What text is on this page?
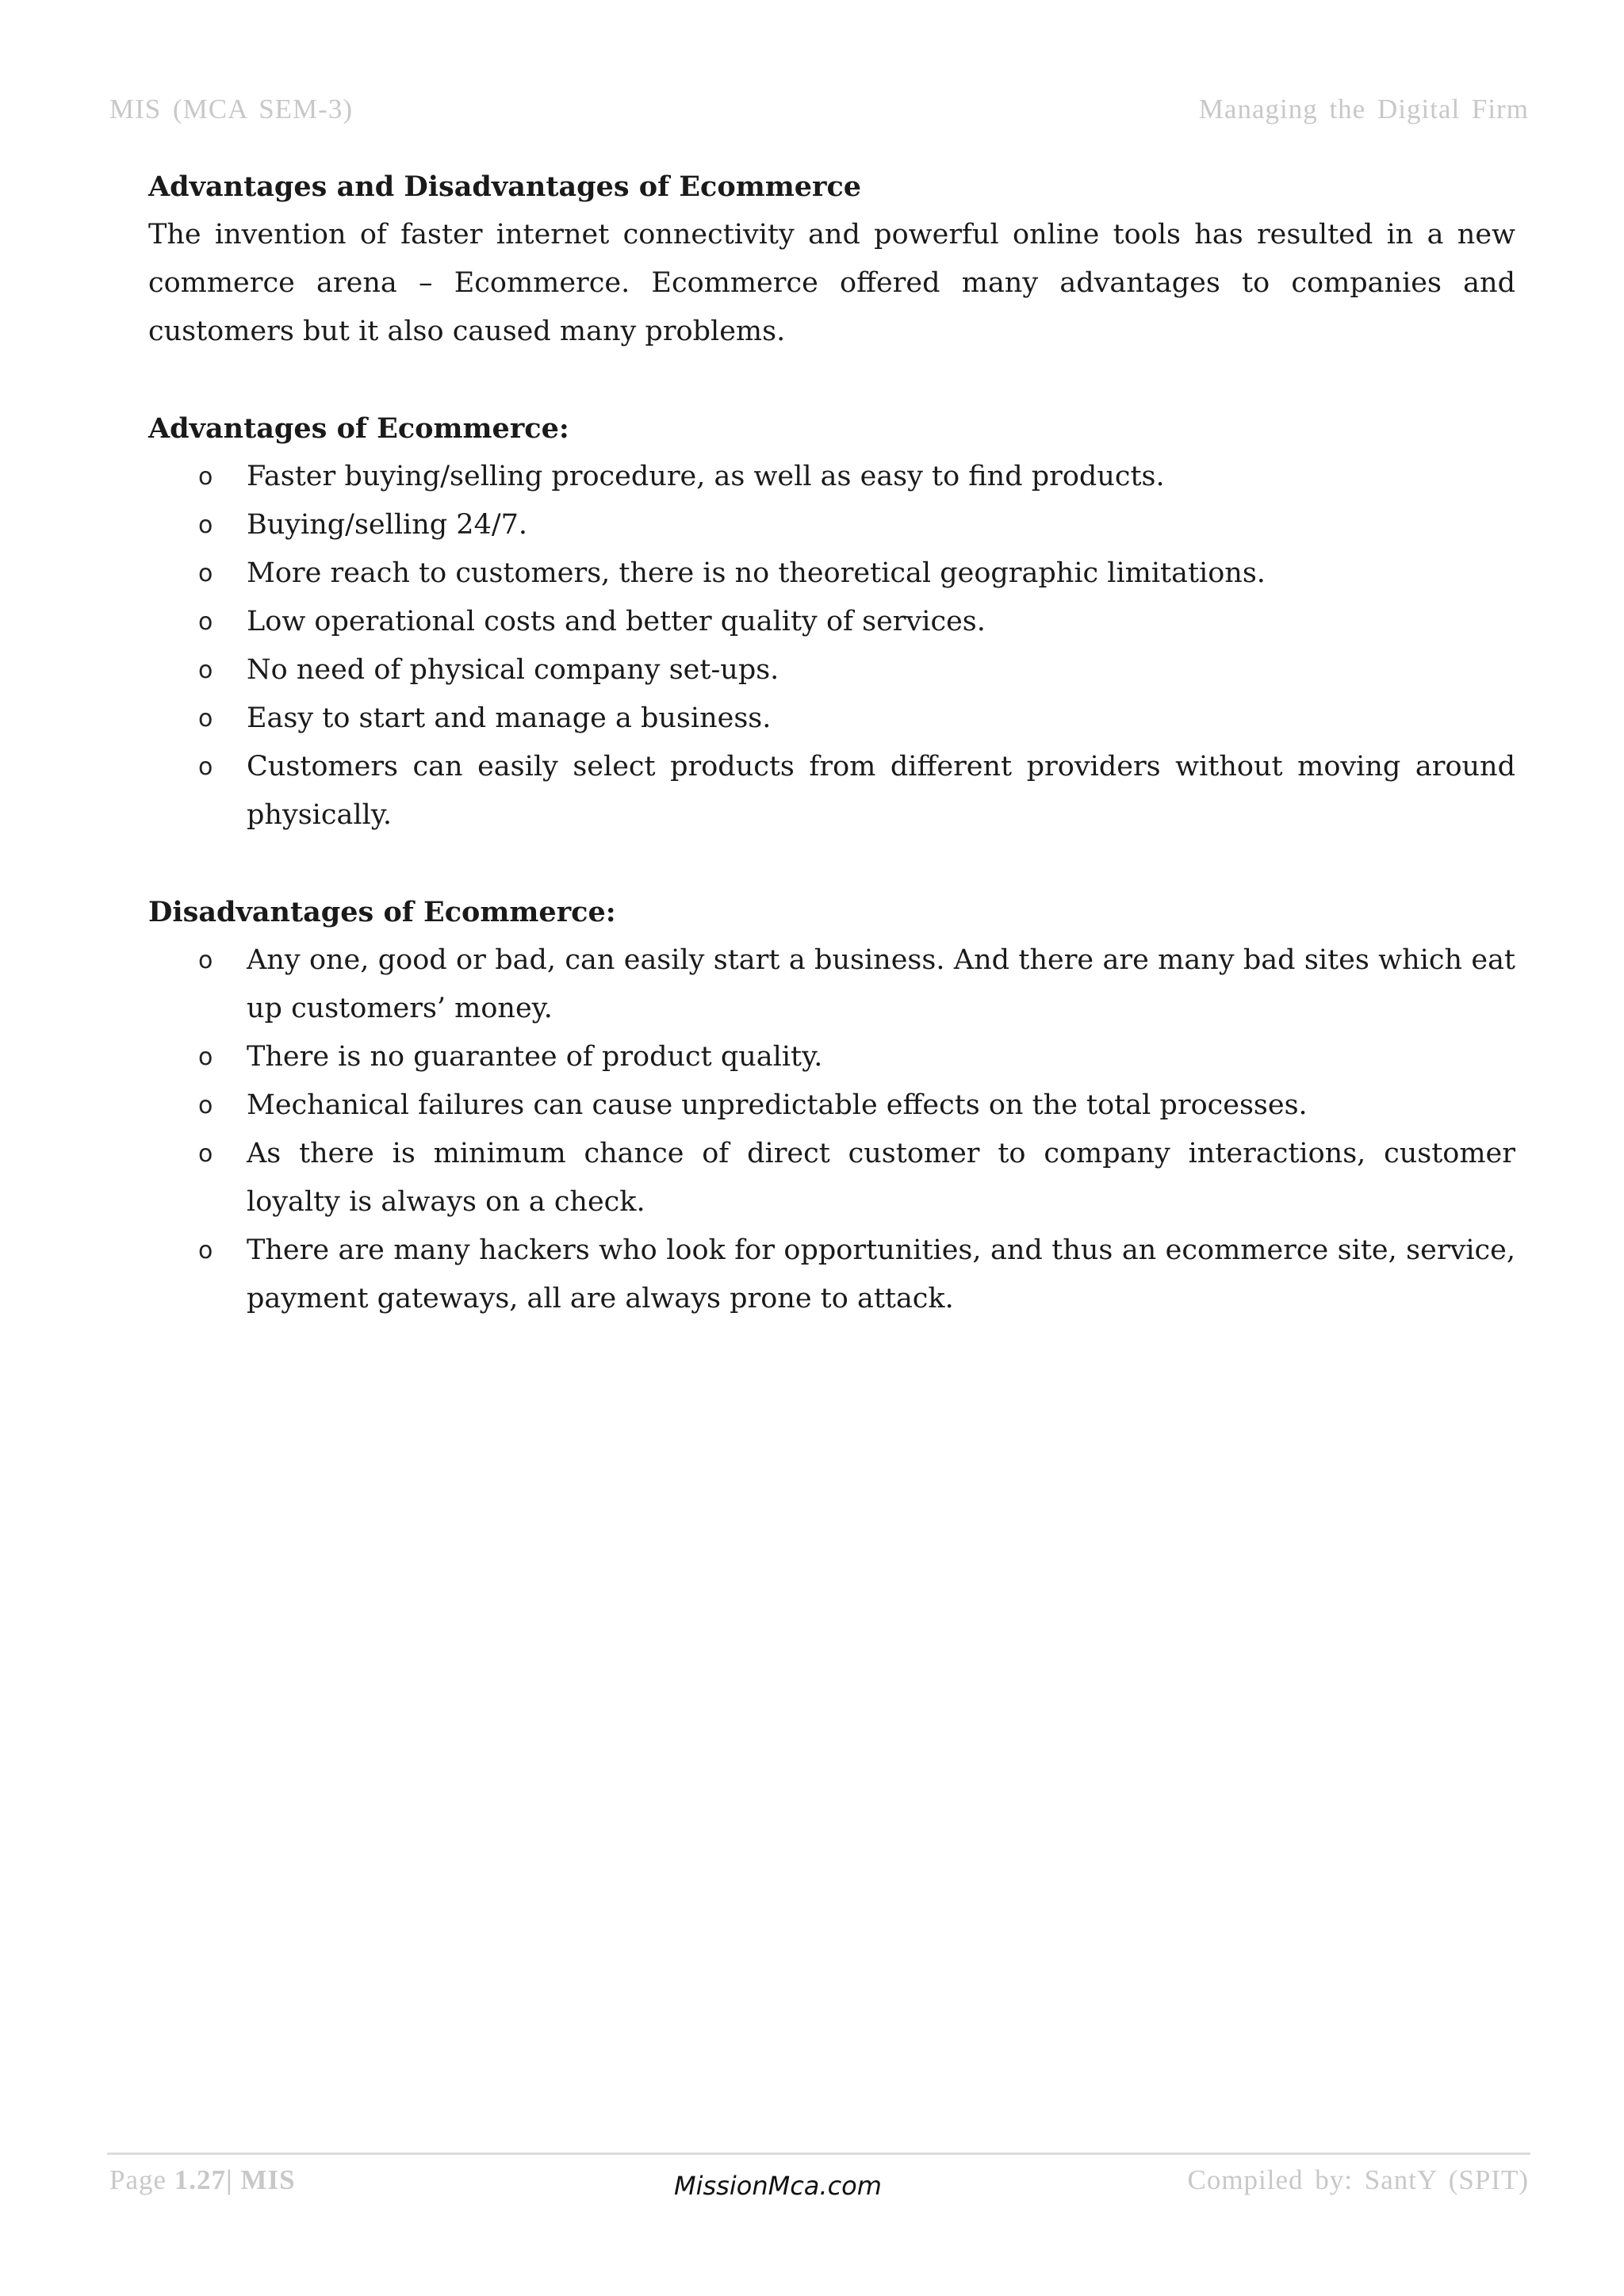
MIS (MCA SEM-3)	Managing the Digital Firm

Advantages and Disadvantages of Ecommerce

The invention of faster internet connectivity and powerful online tools has resulted in a new commerce arena – Ecommerce. Ecommerce offered many advantages to companies and customers but it also caused many problems.

Advantages of Ecommerce:

o Faster buying/selling procedure, as well as easy to find products.
o Buying/selling 24/7.
o More reach to customers, there is no theoretical geographic limitations.
o Low operational costs and better quality of services.
o No need of physical company set-ups.
o Easy to start and manage a business.
o Customers can easily select products from different providers without moving around physically.

Disadvantages of Ecommerce:

o Any one, good or bad, can easily start a business. And there are many bad sites which eat up customers’ money.
o There is no guarantee of product quality.
o Mechanical failures can cause unpredictable effects on the total processes.
o As there is minimum chance of direct customer to company interactions, customer loyalty is always on a check.
o There are many hackers who look for opportunities, and thus an ecommerce site, service, payment gateways, all are always prone to attack.
Page 1.27| MIS	MissionMca.com	Compiled by: SantY (SPIT)
